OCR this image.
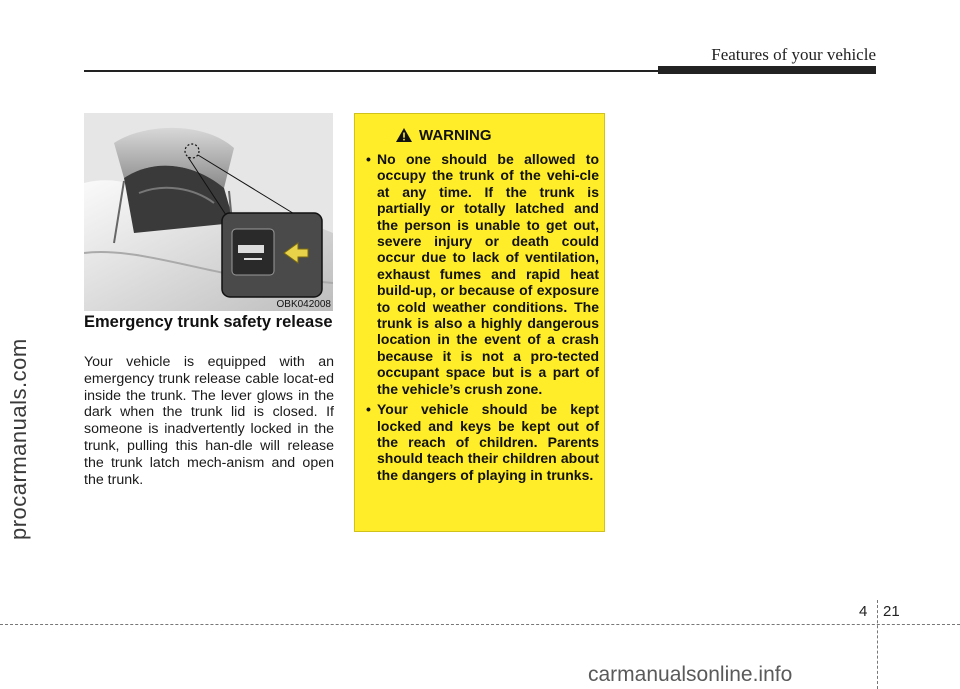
Features of your vehicle
procarmanuals.com
OBK042008
Emergency trunk safety release

Your vehicle is equipped with an emergency trunk release cable locat-ed inside the trunk. The lever glows in the dark when the trunk lid is closed. If someone is inadvertently locked in the trunk, pulling this han-dle will release the trunk latch mech-anism and open the trunk.

WARNING
• No one should be allowed to occupy the trunk of the vehi-cle at any time. If the trunk is partially or totally latched and the person is unable to get out, severe injury or death could occur due to lack of ventilation, exhaust fumes and rapid heat build-up, or because of exposure to cold weather conditions. The trunk is also a highly dangerous location in the event of a crash because it is not a pro-tected occupant space but is a part of the vehicle’s crush zone.
• Your vehicle should be kept locked and keys be kept out of the reach of children. Parents should teach their children about the dangers of playing in trunks.
4 21
carmanualsonline.info
